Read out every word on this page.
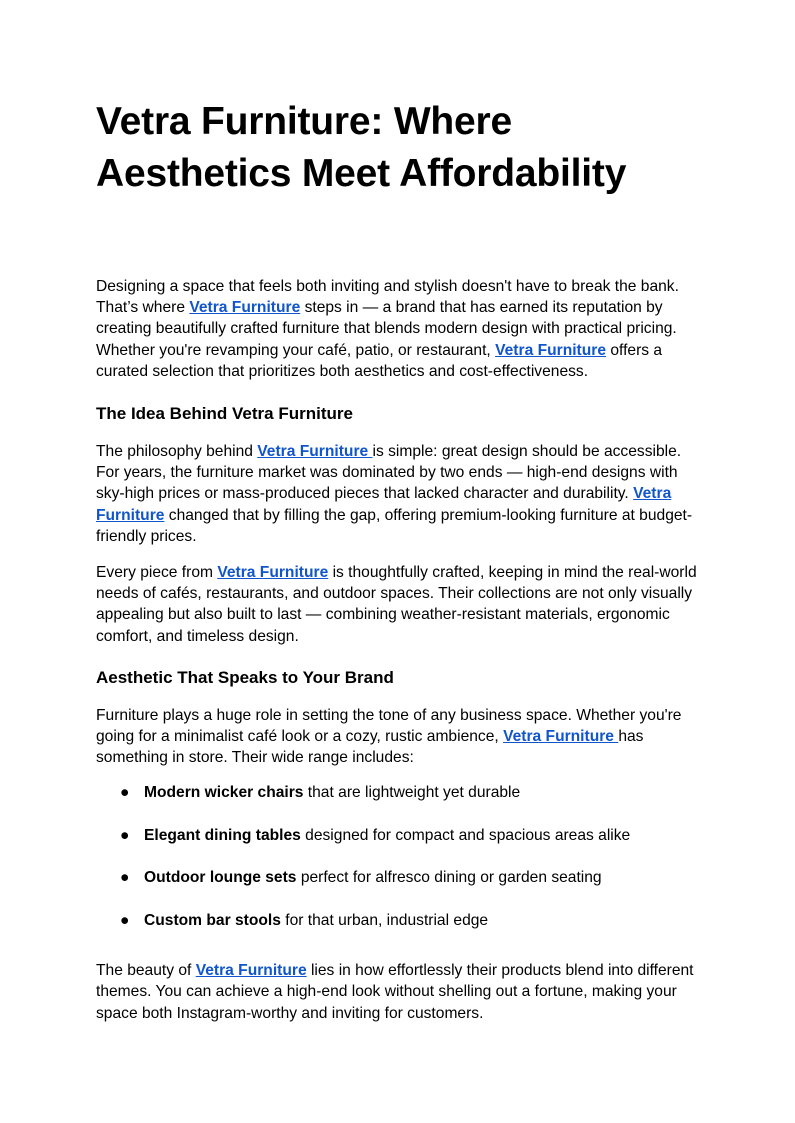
Vetra Furniture: Where Aesthetics Meet Affordability

Designing a space that feels both inviting and stylish doesn't have to break the bank. That’s where Vetra Furniture steps in — a brand that has earned its reputation by creating beautifully crafted furniture that blends modern design with practical pricing. Whether you're revamping your café, patio, or restaurant, Vetra Furniture offers a curated selection that prioritizes both aesthetics and cost-effectiveness.

The Idea Behind Vetra Furniture

The philosophy behind Vetra Furniture is simple: great design should be accessible. For years, the furniture market was dominated by two ends — high-end designs with sky-high prices or mass-produced pieces that lacked character and durability. Vetra Furniture changed that by filling the gap, offering premium-looking furniture at budget-friendly prices.

Every piece from Vetra Furniture is thoughtfully crafted, keeping in mind the real-world needs of cafés, restaurants, and outdoor spaces. Their collections are not only visually appealing but also built to last — combining weather-resistant materials, ergonomic comfort, and timeless design.

Aesthetic That Speaks to Your Brand

Furniture plays a huge role in setting the tone of any business space. Whether you're going for a minimalist café look or a cozy, rustic ambience, Vetra Furniture has something in store. Their wide range includes:

● Modern wicker chairs that are lightweight yet durable
● Elegant dining tables designed for compact and spacious areas alike
● Outdoor lounge sets perfect for alfresco dining or garden seating
● Custom bar stools for that urban, industrial edge

The beauty of Vetra Furniture lies in how effortlessly their products blend into different themes. You can achieve a high-end look without shelling out a fortune, making your space both Instagram-worthy and inviting for customers.
